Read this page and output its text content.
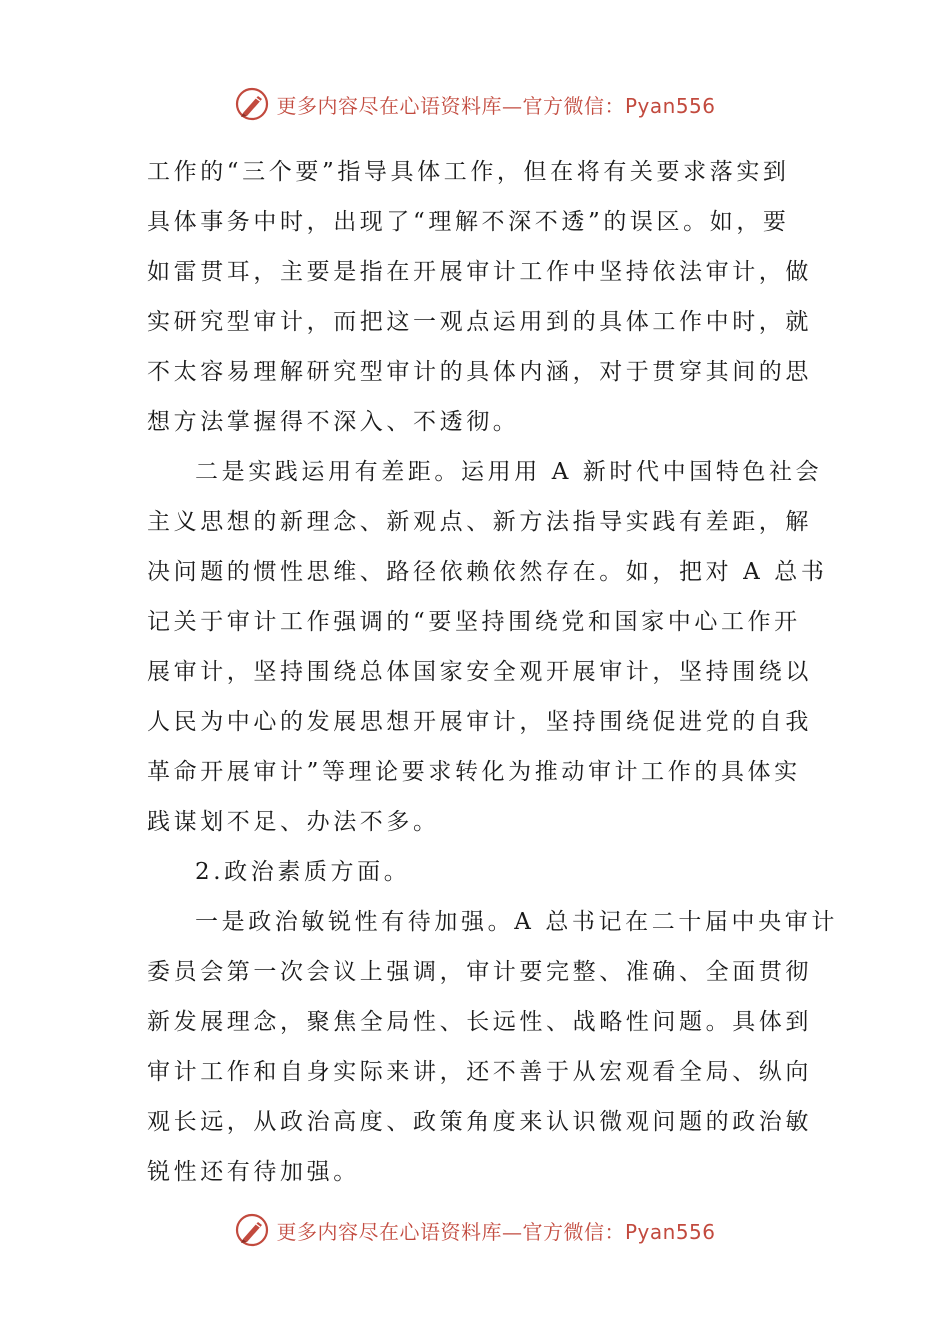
更多内容尽在心语资料库—官方微信：Pyan556
工作的“三个要”指导具体工作，但在将有关要求落实到
具体事务中时，出现了“理解不深不透”的误区。如，要
如雷贯耳，主要是指在开展审计工作中坚持依法审计，做
实研究型审计，而把这一观点运用到的具体工作中时，就
不太容易理解研究型审计的具体内涵，对于贯穿其间的思
想方法掌握得不深入、不透彻。
二是实践运用有差距。运用用 A 新时代中国特色社会
主义思想的新理念、新观点、新方法指导实践有差距，解
决问题的惯性思维、路径依赖依然存在。如，把对 A 总书
记关于审计工作强调的“要坚持围绕党和国家中心工作开
展审计，坚持围绕总体国家安全观开展审计，坚持围绕以
人民为中心的发展思想开展审计，坚持围绕促进党的自我
革命开展审计”等理论要求转化为推动审计工作的具体实
践谋划不足、办法不多。
2.政治素质方面。
一是政治敏锐性有待加强。A 总书记在二十届中央审计
委员会第一次会议上强调，审计要完整、准确、全面贯彻
新发展理念，聚焦全局性、长远性、战略性问题。具体到
审计工作和自身实际来讲，还不善于从宏观看全局、纵向
观长远，从政治高度、政策角度来认识微观问题的政治敏
锐性还有待加强。
更多内容尽在心语资料库—官方微信：Pyan556
